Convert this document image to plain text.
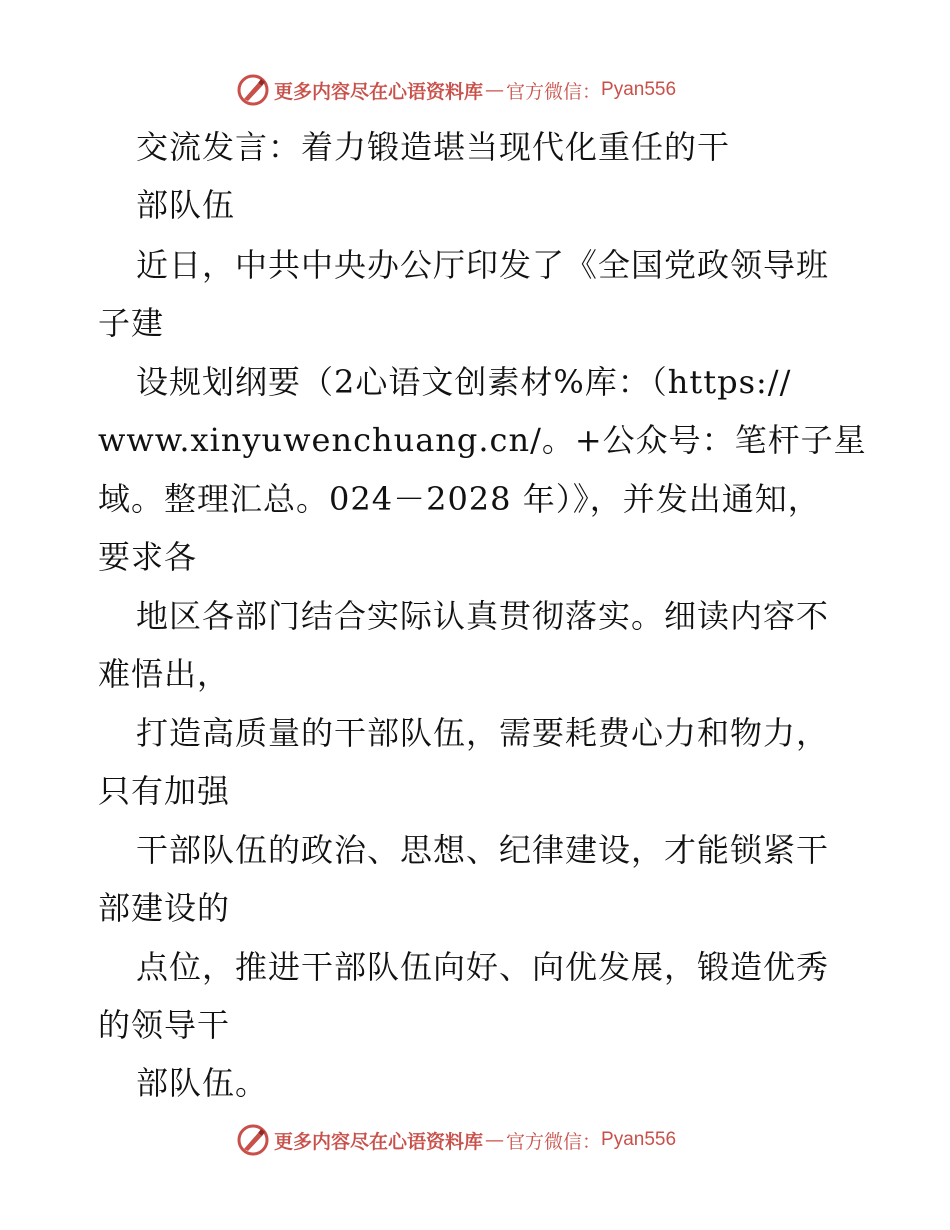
更多内容尽在心语资料库 — 官方微信： Pyan556
交流发言：着力锻造堪当现代化重任的干
部队伍
近日，中共中央办公厅印发了《全国党政领导班
子建
设规划纲要（2心语文创素材%库：（https://
www.xinyuwenchuang.cn/。+公众号：笔杆子星
域。整理汇总。024－2028 年）》，并发出通知，
要求各
地区各部门结合实际认真贯彻落实。细读内容不
难悟出，
打造高质量的干部队伍，需要耗费心力和物力，
只有加强
干部队伍的政治、思想、纪律建设，才能锁紧干
部建设的
点位，推进干部队伍向好、向优发展，锻造优秀
的领导干
部队伍。
更多内容尽在心语资料库 — 官方微信： Pyan556
